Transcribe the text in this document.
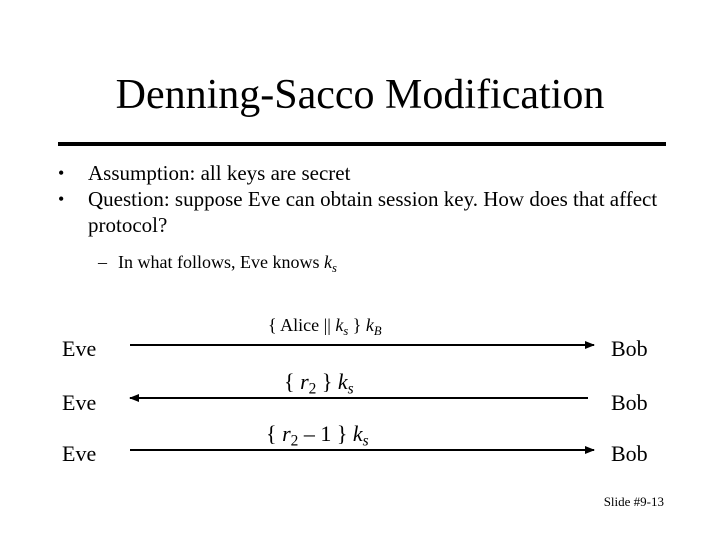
Denning-Sacco Modification
•	Assumption: all keys are secret
•	Question: suppose Eve can obtain session key. How does that affect protocol?
– In what follows, Eve knows $k_s$
Eve	Bob
{ Alice || $k_s$ } $k_B$
Eve	Bob
{ $r_2$ } $k_s$
Eve	Bob
{ $r_2 - 1$ } $k_s$
Slide #9-13
